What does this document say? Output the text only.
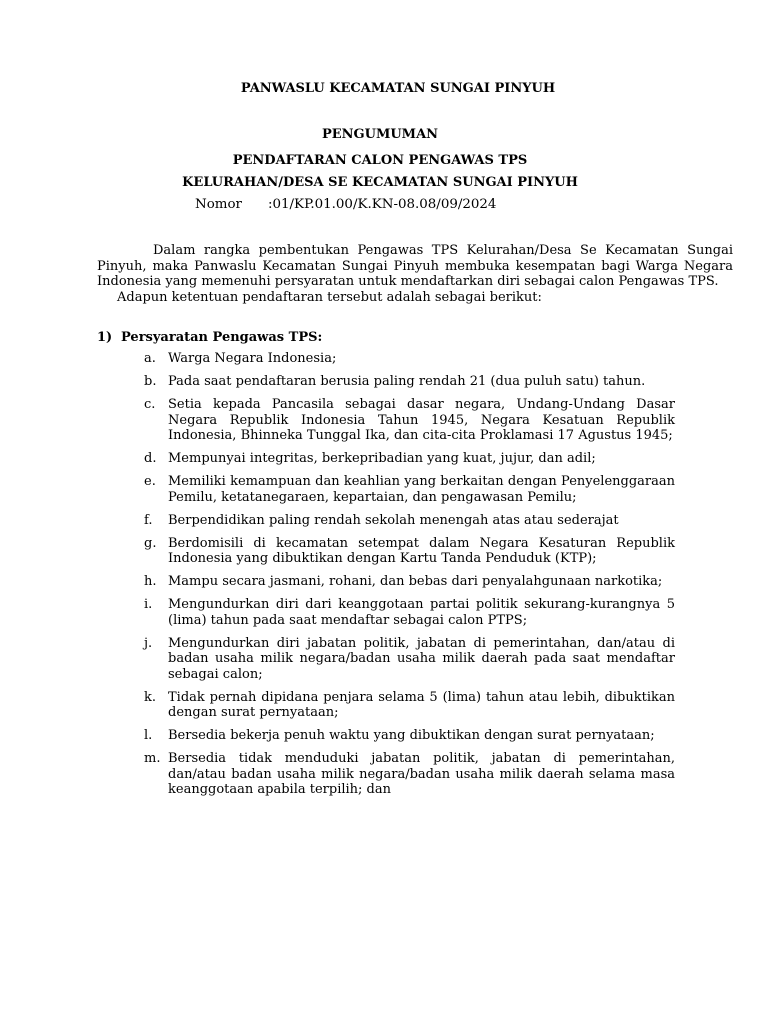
PANWASLU KECAMATAN SUNGAI PINYUH
PENGUMUMAN
PENDAFTARAN CALON PENGAWAS TPS
KELURAHAN/DESA SE KECAMATAN SUNGAI PINYUH
Nomor :01/KP.01.00/K.KN-08.08/09/2024

Dalam rangka pembentukan Pengawas TPS Kelurahan/Desa Se Kecamatan Sungai Pinyuh, maka Panwaslu Kecamatan Sungai Pinyuh membuka kesempatan bagi Warga Negara Indonesia yang memenuhi persyaratan untuk mendaftarkan diri sebagai calon Pengawas TPS.

Adapun ketentuan pendaftaran tersebut adalah sebagai berikut:

1) Persyaratan Pengawas TPS:
a. Warga Negara Indonesia;
b. Pada saat pendaftaran berusia paling rendah 21 (dua puluh satu) tahun.
c. Setia kepada Pancasila sebagai dasar negara, Undang-Undang Dasar Negara Republik Indonesia Tahun 1945, Negara Kesatuan Republik Indonesia, Bhinneka Tunggal Ika, dan cita-cita Proklamasi 17 Agustus 1945;
d. Mempunyai integritas, berkepribadian yang kuat, jujur, dan adil;
e. Memiliki kemampuan dan keahlian yang berkaitan dengan Penyelenggaraan Pemilu, ketatanegaraen, kepartaian, dan pengawasan Pemilu;
f.	Berpendidikan paling rendah sekolah menengah atas atau sederajat
g. Berdomisili di kecamatan setempat dalam Negara Kesaturan Republik Indonesia yang dibuktikan dengan Kartu Tanda Penduduk (KTP);
h. Mampu secara jasmani, rohani, dan bebas dari penyalahgunaan narkotika;
i.	Mengundurkan diri dari keanggotaan partai politik sekurang-kurangnya 5 (lima) tahun pada saat mendaftar sebagai calon PTPS;
j.	Mengundurkan diri jabatan politik, jabatan di pemerintahan, dan/atau di badan usaha milik negara/badan usaha milik daerah pada saat mendaftar sebagai calon;
k. Tidak pernah dipidana penjara selama 5 (lima) tahun atau lebih, dibuktikan dengan surat pernyataan;
l.	Bersedia bekerja penuh waktu yang dibuktikan dengan surat pernyataan;
m. Bersedia tidak menduduki jabatan politik, jabatan di pemerintahan, dan/atau badan usaha milik negara/badan usaha milik daerah selama masa keanggotaan apabila terpilih; dan
